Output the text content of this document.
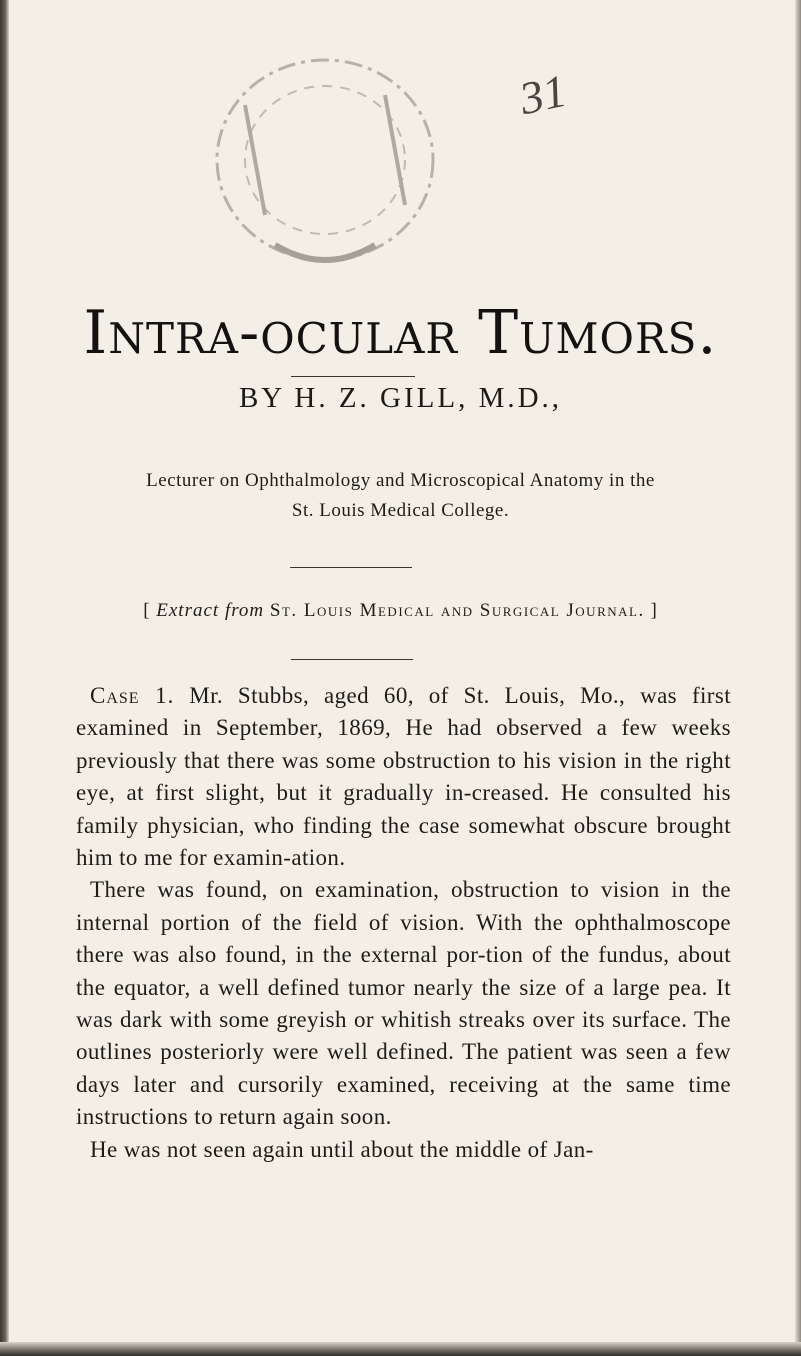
31
Intra-ocular Tumors.
BY H. Z. GILL, M.D.,
Lecturer on Ophthalmology and Microscopical Anatomy in the
St. Louis Medical College.
[ Extract from St. Louis Medical and Surgical Journal. ]

Case 1. Mr. Stubbs, aged 60, of St. Louis, Mo., was first examined in September, 1869, He had observed a few weeks previously that there was some obstruction to his vision in the right eye, at first slight, but it gradually in-creased. He consulted his family physician, who finding the case somewhat obscure brought him to me for examin-ation.

There was found, on examination, obstruction to vision in the internal portion of the field of vision. With the ophthalmoscope there was also found, in the external por-tion of the fundus, about the equator, a well defined tumor nearly the size of a large pea. It was dark with some greyish or whitish streaks over its surface. The outlines posteriorly were well defined. The patient was seen a few days later and cursorily examined, receiving at the same time instructions to return again soon.

He was not seen again until about the middle of Jan-
